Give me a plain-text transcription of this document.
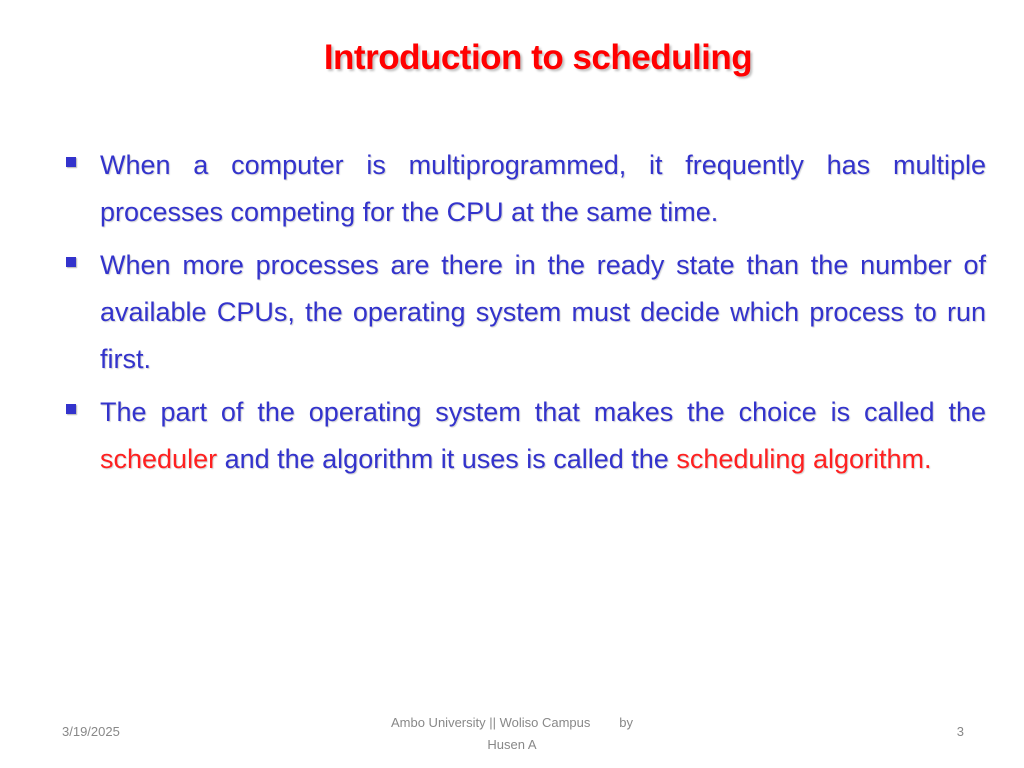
Introduction to scheduling
When a computer is multiprogrammed, it frequently has multiple processes competing for the CPU at the same time.
When more processes are there in the ready state than the number of available CPUs, the operating system must decide which process to run first.
The part of the operating system that makes the choice is called the scheduler and the algorithm it uses is called the scheduling algorithm.
3/19/2025
Ambo University || Woliso Campus        by
Husen A
3
